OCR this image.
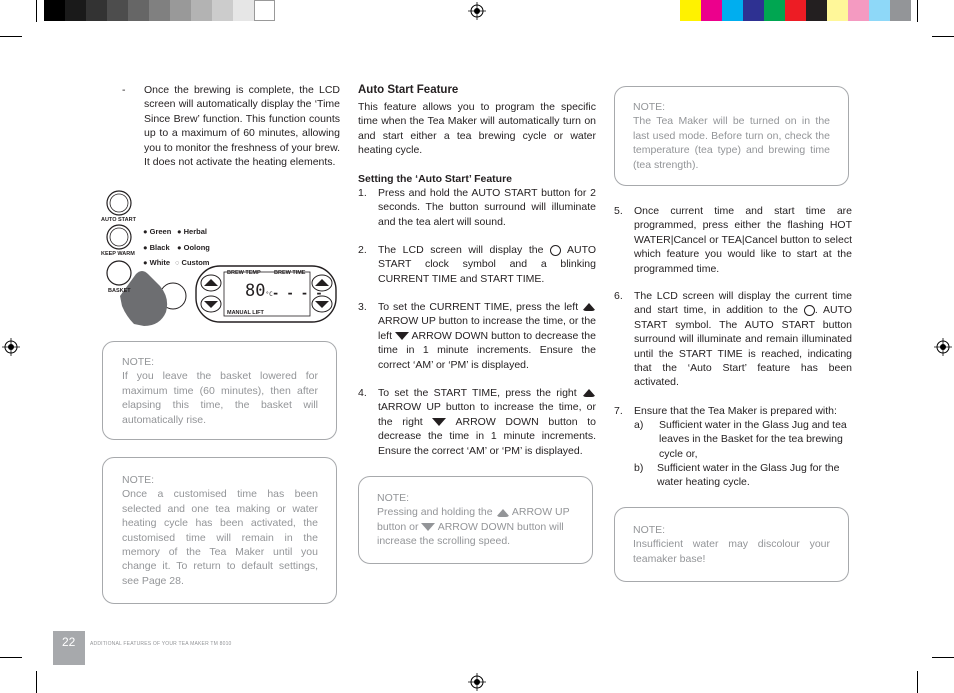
- Once the brewing is complete, the LCD screen will automatically display the ‘Time Since Brew’ function. This function counts up to a maximum of 60 minutes, allowing you to monitor the freshness of your brew. It does not activate the heating elements.
AUTO START
KEEP WARM
BASKET
● Green ● Herbal
● Black ● Oolong
● White ◌ Custom
BREW TEMP BREW TIME
80°C - - - -
MANUAL LIFT
NOTE:
If you leave the basket lowered for maximum time (60 minutes), then after elapsing this time, the basket will automatically rise.
NOTE:
Once a customised time has been selected and one tea making or water heating cycle has been activated, the customised time will remain in the memory of the Tea Maker until you change it. To return to default settings, see Page 28.
Auto Start Feature
This feature allows you to program the specific time when the Tea Maker will automatically turn on and start either a tea brewing cycle or water heating cycle.
Setting the ‘Auto Start’ Feature
1. Press and hold the AUTO START button for 2 seconds. The button surround will illuminate and the tea alert will sound.
2. The LCD screen will display the AUTO START clock symbol and a blinking CURRENT TIME and START TIME.
3. To set the CURRENT TIME, press the left  ARROW UP button to increase the time, or the left ARROW DOWN button to decrease the time in 1 minute increments. Ensure the correct ‘AM’ or ‘PM’ is displayed.
4. To set the START TIME, press the right  tARROW UP button to increase the time, or the right	ARROW DOWN button to decrease the time in 1 minute increments. Ensure the correct ‘AM’ or ‘PM’ is displayed.
NOTE:
Pressing and holding the ARROW UP button or ARROW DOWN button will increase the scrolling speed.
NOTE:
The Tea Maker will be turned on in the last used mode. Before turn on, check the temperature (tea type) and brewing time (tea strength).
5. Once current time and start time are programmed, press either the flashing HOT WATER|Cancel or TEA|Cancel button to select which feature you would like to start at the programmed time.
6. The LCD screen will display the current time and start time, in addition to the . AUTO START symbol. The AUTO START button surround will illuminate and remain illuminated until the START TIME is reached, indicating that the ‘Auto Start’ feature has been activated.
7. Ensure that the Tea Maker is prepared with:
a) Sufficient water in the Glass Jug and tea leaves in the Basket for the tea brewing cycle or,
b) Sufficient water in the Glass Jug for the water heating cycle.
NOTE:
Insufficient water may discolour your teamaker base!
22	ADDITIONAL FEATURES OF YOUR TEA MAKER TM 8010
